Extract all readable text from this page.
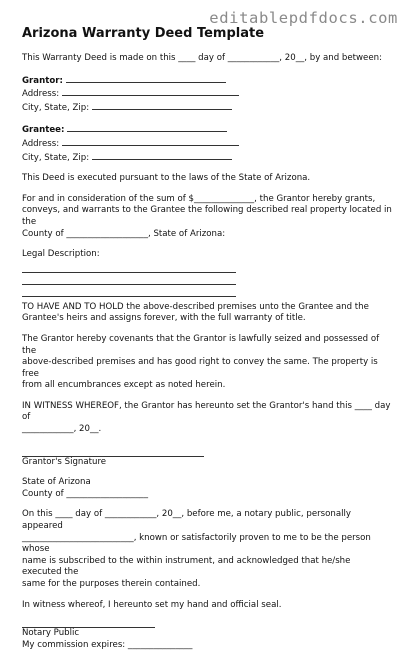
editablepdfdocs.com
Arizona Warranty Deed Template

This Warranty Deed is made on this ____ day of ____________, 20__, by and between:

Grantor:

Address:

City, State, Zip:

Grantee:

Address:

City, State, Zip:

This Deed is executed pursuant to the laws of the State of Arizona.

For and in consideration of the sum of $______________, the Grantor hereby grants,

conveys, and warrants to the Grantee the following described real property located in the

County of ___________________, State of Arizona:

Legal Description:

TO HAVE AND TO HOLD the above-described premises unto the Grantee and the

Grantee's heirs and assigns forever, with the full warranty of title.

The Grantor hereby covenants that the Grantor is lawfully seized and possessed of the

above-described premises and has good right to convey the same. The property is free

from all encumbrances except as noted herein.

IN WITNESS WHEREOF, the Grantor has hereunto set the Grantor's hand this ____ day of

____________, 20__.

Grantor's Signature

State of Arizona

County of ___________________

On this ____ day of ____________, 20__, before me, a notary public, personally appeared

__________________________, known or satisfactorily proven to me to be the person whose

name is subscribed to the within instrument, and acknowledged that he/she executed the

same for the purposes therein contained.

In witness whereof, I hereunto set my hand and official seal.

Notary Public

My commission expires: _______________
